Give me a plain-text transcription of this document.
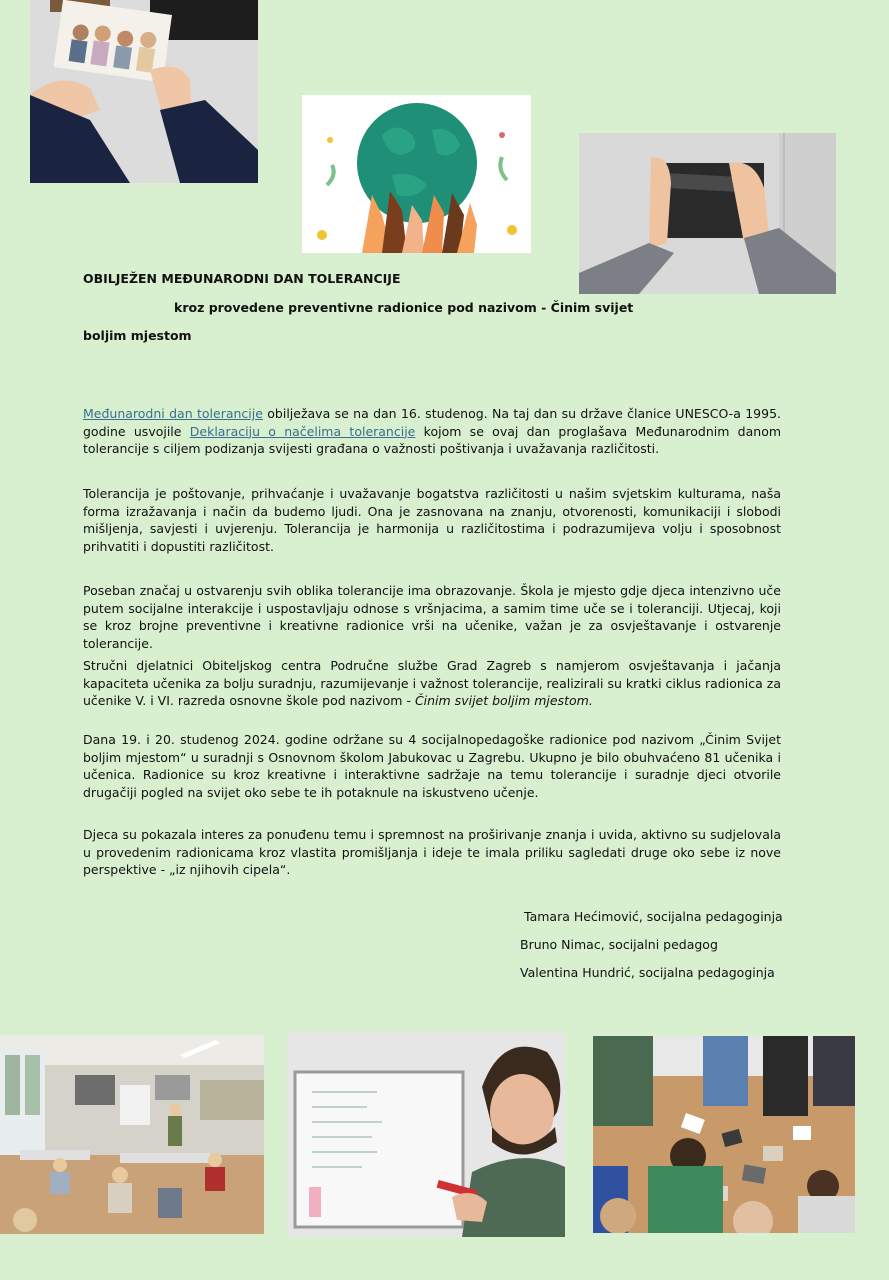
OBILJEŽEN MEĐUNARODNI DAN TOLERANCIJE
kroz provedene preventivne radionice pod nazivom - Činim svijet
boljim mjestom

Međunarodni dan tolerancije obilježava se na dan 16. studenog. Na taj dan su države članice UNESCO-a 1995. godine usvojile Deklaraciju o načelima tolerancije kojom se ovaj dan proglašava Međunarodnim danom tolerancije s ciljem podizanja svijesti građana o važnosti poštivanja i uvažavanja različitosti.

Tolerancija je poštovanje, prihvaćanje i uvažavanje bogatstva različitosti u našim svjetskim kulturama, naša forma izražavanja i način da budemo ljudi. Ona je zasnovana na znanju, otvorenosti, komunikaciji i slobodi mišljenja, savjesti i uvjerenju. Tolerancija je harmonija u različitostima i podrazumijeva volju i sposobnost prihvatiti i dopustiti različitost.

Poseban značaj u ostvarenju svih oblika tolerancije ima obrazovanje. Škola je mjesto gdje djeca intenzivno uče putem socijalne interakcije i uspostavljaju odnose s vršnjacima, a samim time uče se i toleranciji. Utjecaj, koji se kroz brojne preventivne i kreativne radionice vrši na učenike, važan je za osvještavanje i ostvarenje tolerancije.

Stručni djelatnici Obiteljskog centra Područne službe Grad Zagreb s namjerom osvještavanja i jačanja kapaciteta učenika za bolju suradnju, razumijevanje i važnost tolerancije, realizirali su kratki ciklus radionica za učenike V. i VI. razreda osnovne škole pod nazivom - Činim svijet boljim mjestom.

Dana 19. i 20. studenog 2024. godine održane su 4 socijalnopedagoške radionice pod nazivom „Činim Svijet boljim mjestom“ u suradnji s Osnovnom školom Jabukovac u Zagrebu. Ukupno je bilo obuhvaćeno 81 učenika i učenica. Radionice su kroz kreativne i interaktivne sadržaje na temu tolerancije i suradnje djeci otvorile drugačiji pogled na svijet oko sebe te ih potaknule na iskustveno učenje.

Djeca su pokazala interes za ponuđenu temu i spremnost na proširivanje znanja i uvida, aktivno su sudjelovala u provedenim radionicama kroz vlastita promišljanja i ideje te imala priliku sagledati druge oko sebe iz nove perspektive - „iz njihovih cipela“.

Tamara Hećimović, socijalna pedagoginja
Bruno Nimac, socijalni pedagog
Valentina Hundrić, socijalna pedagoginja
